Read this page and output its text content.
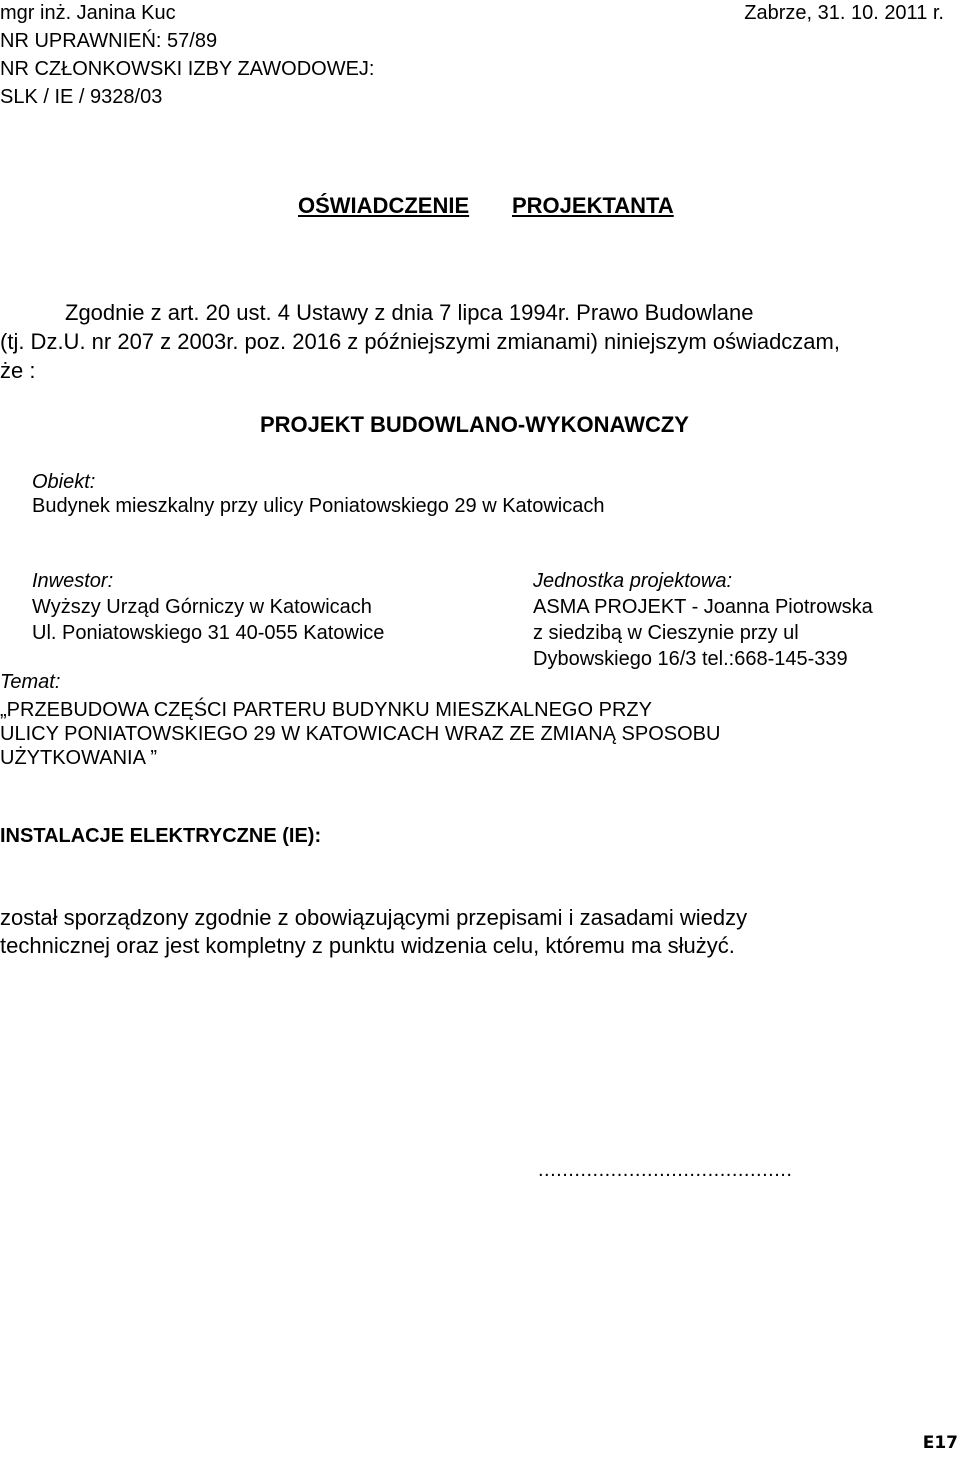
mgr inż. Janina Kuc	Zabrze, 31. 10. 2011 r.
NR UPRAWNIEŃ: 57/89
NR CZŁONKOWSKI IZBY ZAWODOWEJ:
SLK / IE / 9328/03
OŚWIADCZENIE PROJEKTANTA
Zgodnie z art. 20 ust. 4 Ustawy z dnia 7 lipca 1994r. Prawo Budowlane
(tj. Dz.U. nr 207 z 2003r. poz. 2016 z późniejszymi zmianami) niniejszym oświadczam,
że :
PROJEKT BUDOWLANO-WYKONAWCZY
Obiekt:
Budynek mieszkalny przy ulicy Poniatowskiego 29 w Katowicach
Inwestor:
Wyższy Urząd Górniczy w Katowicach
Ul. Poniatowskiego 31 40-055 Katowice
Jednostka projektowa:
ASMA PROJEKT - Joanna Piotrowska
z siedzibą w Cieszynie przy ul
Dybowskiego 16/3 tel.:668-145-339
Temat:
„PRZEBUDOWA CZĘŚCI PARTERU BUDYNKU MIESZKALNEGO PRZY
ULICY PONIATOWSKIEGO 29 W KATOWICACH WRAZ ZE ZMIANĄ SPOSOBU
UŻYTKOWANIA ”
INSTALACJE ELEKTRYCZNE (IE):
został sporządzony zgodnie z obowiązującymi przepisami i zasadami wiedzy
technicznej oraz jest kompletny z punktu widzenia celu, któremu ma służyć.
..........................................
E17
